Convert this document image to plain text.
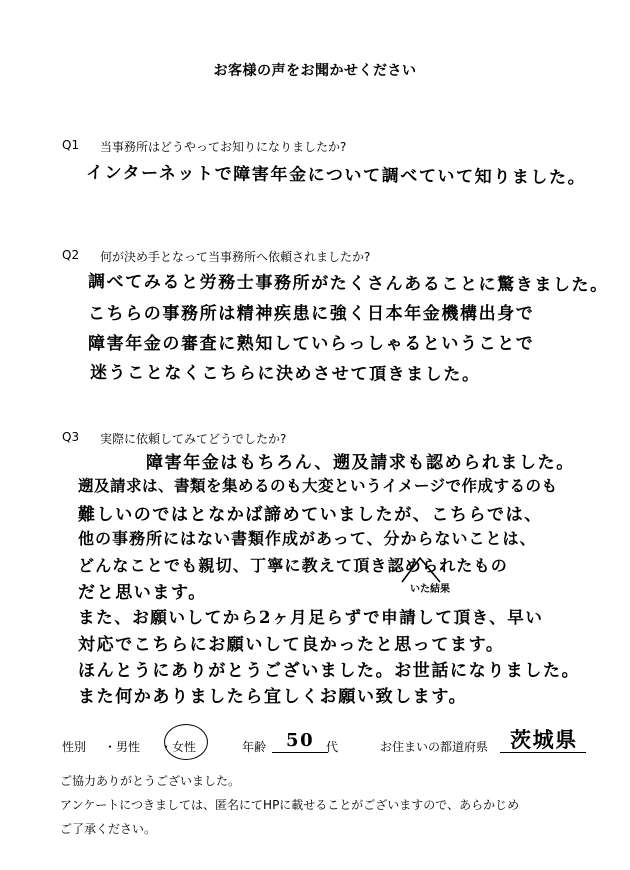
お客様の声をお聞かせください
Q1 当事務所はどうやってお知りになりましたか?
インターネットで障害年金について調べていて知りました。
Q2 何が決め手となって当事務所へ依頼されましたか?
調べてみると労務士事務所がたくさんあることに驚きました。
こちらの事務所は精神疾患に強く日本年金機構出身で
障害年金の審査に熟知していらっしゃるということで
迷うことなくこちらに決めさせて頂きました。
Q3 実際に依頼してみてどうでしたか?
障害年金はもちろん、遡及請求も認められました。
遡及請求は、書類を集めるのも大変というイメージで作成するのも
難しいのではとなかば諦めていましたが、こちらでは、
他の事務所にはない書類作成があって、分からないことは、
どんなことでも親切、丁寧に教えて頂き認められたもの
いた結果
だと思います。
また、お願いしてから2ヶ月足らずで申請して頂き、早い
対応でこちらにお願いして良かったと思ってます。
ほんとうにありがとうございました。お世話になりました。
また何かありましたら宜しくお願い致します。
性別 ・男性 ・女性	年齢 50 代	お住まいの都道府県 茨城県
ご協力ありがとうございました。
アンケートにつきましては、匿名にてHPに載せることがございますので、あらかじめ
ご了承ください。
